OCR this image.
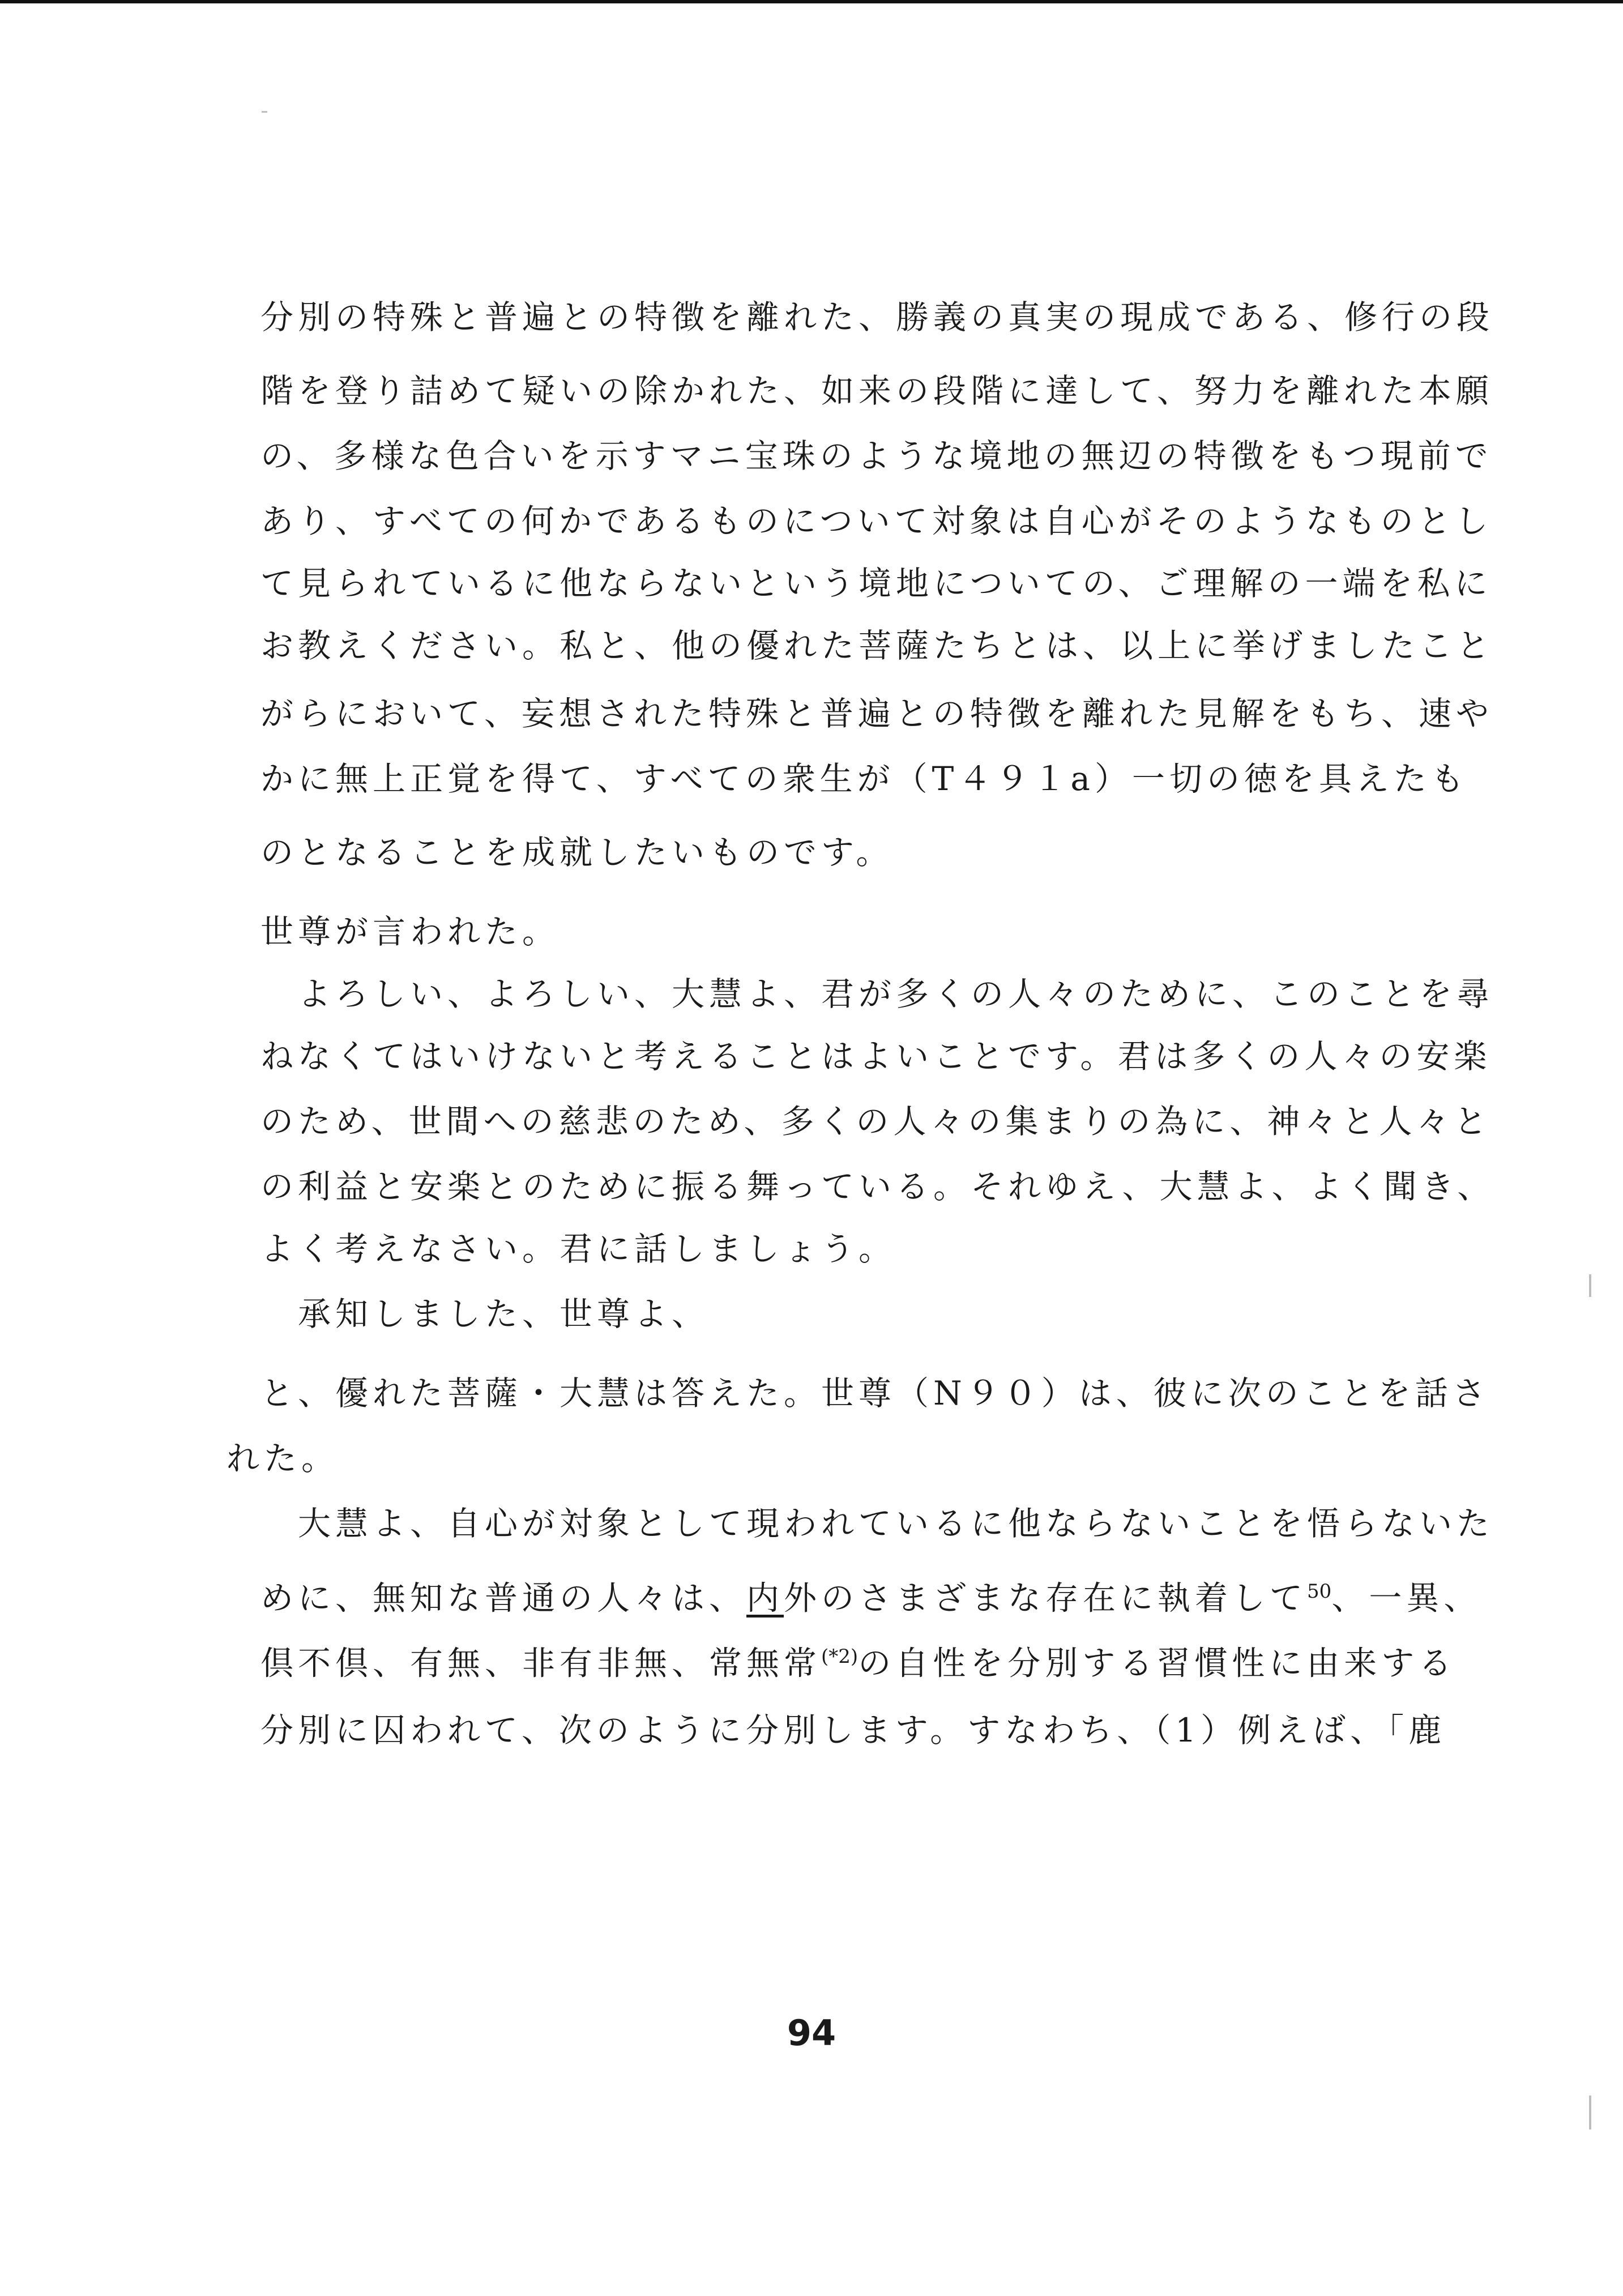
分別の特殊と普遍との特徴を離れた、勝義の真実の現成である、修行の段
階を登り詰めて疑いの除かれた、如来の段階に達して、努力を離れた本願
の、多様な色合いを示すマニ宝珠のような境地の無辺の特徴をもつ現前で
あり、すべての何かであるものについて対象は自心がそのようなものとし
て見られているに他ならないという境地についての、ご理解の一端を私に
お教えください。私と、他の優れた菩薩たちとは、以上に挙げましたこと
がらにおいて、妄想された特殊と普遍との特徴を離れた見解をもち、速や
かに無上正覚を得て、すべての衆生が（T４９１a）一切の徳を具えたも
のとなることを成就したいものです。
世尊が言われた。
　よろしい、よろしい、大慧よ、君が多くの人々のために、このことを尋
ねなくてはいけないと考えることはよいことです。君は多くの人々の安楽
のため、世間への慈悲のため、多くの人々の集まりの為に、神々と人々と
の利益と安楽とのために振る舞っている。それゆえ、大慧よ、よく聞き、
よく考えなさい。君に話しましょう。
　承知しました、世尊よ、
と、優れた菩薩・大慧は答えた。世尊（N９０）は、彼に次のことを話さ
れた。
　大慧よ、自心が対象として現われているに他ならないことを悟らないた
めに、無知な普通の人々は、内外のさまざまな存在に執着して$^{50}$、一異、
倶不倶、有無、非有非無、常無常$^{(*2)}$の自性を分別する習慣性に由来する
分別に囚われて、次のように分別します。すなわち、（1）例えば、「鹿
94
